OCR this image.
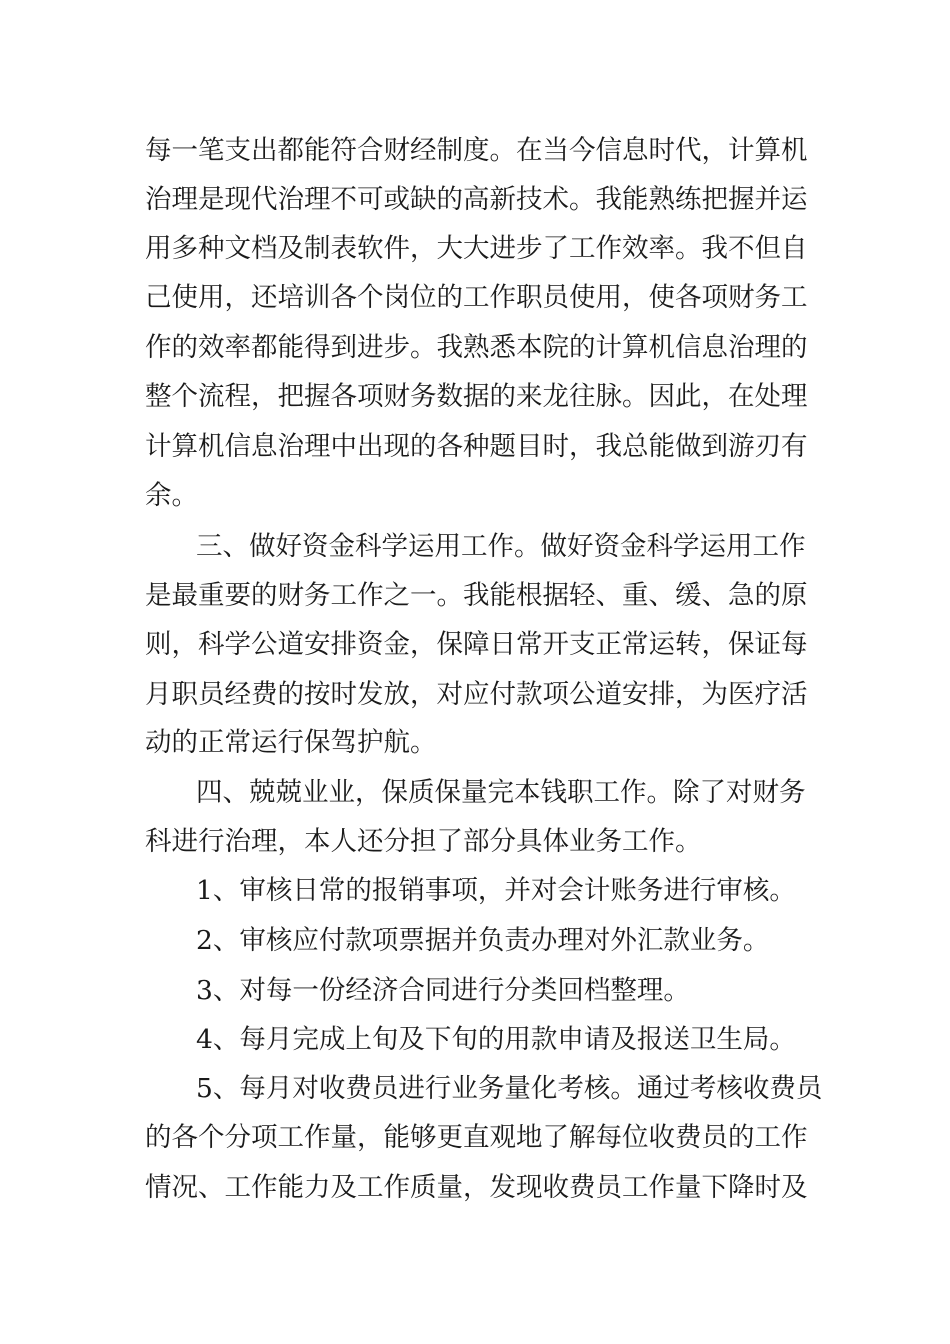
每一笔支出都能符合财经制度。在当今信息时代，计算机
治理是现代治理不可或缺的高新技术。我能熟练把握并运
用多种文档及制表软件，大大进步了工作效率。我不但自
己使用，还培训各个岗位的工作职员使用，使各项财务工
作的效率都能得到进步。我熟悉本院的计算机信息治理的
整个流程，把握各项财务数据的来龙往脉。因此，在处理
计算机信息治理中出现的各种题目时，我总能做到游刃有
余。
三、做好资金科学运用工作。做好资金科学运用工作
是最重要的财务工作之一。我能根据轻、重、缓、急的原
则，科学公道安排资金，保障日常开支正常运转，保证每
月职员经费的按时发放，对应付款项公道安排，为医疗活
动的正常运行保驾护航。
四、兢兢业业，保质保量完本钱职工作。除了对财务
科进行治理，本人还分担了部分具体业务工作。
1、审核日常的报销事项，并对会计账务进行审核。
2、审核应付款项票据并负责办理对外汇款业务。
3、对每一份经济合同进行分类回档整理。
4、每月完成上旬及下旬的用款申请及报送卫生局。
5、每月对收费员进行业务量化考核。通过考核收费员
的各个分项工作量，能够更直观地了解每位收费员的工作
情况、工作能力及工作质量，发现收费员工作量下降时及
